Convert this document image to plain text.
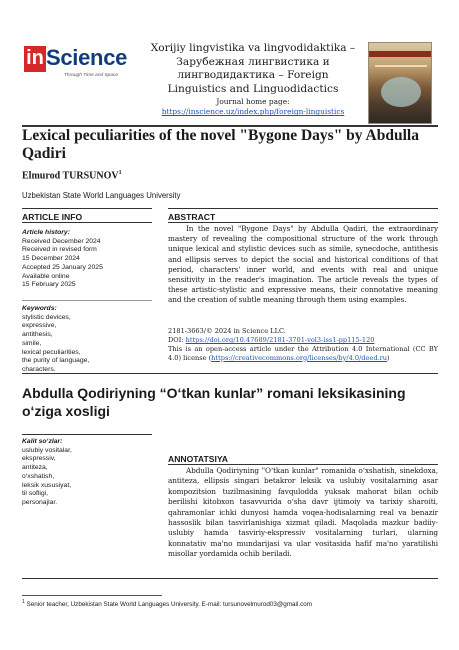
in Science
Through Time and Space
Xorijiy lingvistika va lingvodidaktika –
Зарубежная лингвистика и
лингводидактика – Foreign
Linguistics and Linguodidactics
Journal home page:
https://inscience.uz/index.php/foreign-linguistics
Lexical peculiarities of the novel "Bygone Days" by Abdulla Qadiri
Elmurod TURSUNOV$^1$
Uzbekistan State World Languages University
ARTICLE INFO	ABSTRACT
Article history:
Received December 2024
Received in revised form
15 December 2024
Accepted 25 January 2025
Available online
15 February 2025
Keywords:
stylistic devices,
expressive,
antithesis,
simile,
lexical peculiarities,
the purity of language,
characters.
In the novel "Bygone Days" by Abdulla Qadiri, the extraordinary mastery of revealing the compositional structure of the work through unique lexical and stylistic devices such as simile, synecdoche, antithesis and ellipsis serves to depict the social and historical conditions of that period, characters' inner world, and events with real and unique sensitivity in the reader's imagination. The article reveals the types of these artistic-stylistic and expressive means, their connotative meaning and the creation of subtle meaning through them using examples.
2181-3663/© 2024 in Science LLC.
DOI: https://doi.org/10.47689/2181-3701-vol3-iss1-pp115-120
This is an open-access article under the Attribution 4.0 International (CC BY 4.0) license (https://creativecommons.org/licenses/by/4.0/deed.ru)
Abdulla Qodiriyning “O‘tkan kunlar” romani leksikasining o‘ziga xosligi
ANNOTATSIYA
Kalit so‘zlar:
uslubiy vositalar,
ekspressiv,
antiteza,
o‘xshatish,
leksik xususiyat,
til sofligi,
personajlar.
Abdulla Qodiriyning "O‘tkan kunlar" romanida o‘xshatish, sinekdoxa, antiteza, ellipsis singari betakror leksik va uslubiy vositalarning asar kompozitsion tuzilmasining favqulodda yuksak mahorat bilan ochib berilishi kitobxon tasavvurida o‘sha davr ijtimoiy va tarixiy sharoiti, qahramonlar ichki dunyosi hamda voqea-hodisalarning real va benazir hassoslik bilan tasvirlanishiga xizmat qiladi. Maqolada mazkur badiiy-uslubiy hamda tasviriy-ekspressiv vositalarning turlari, ularning konnatativ ma'no mundarijasi va ular vositasida hafif ma'no yaratilishi misollar yordamida ochib beriladi.
$^1$ Senior teacher, Uzbekistan State World Languages University. E-mail: tursunovelmurod03@gmail.com
